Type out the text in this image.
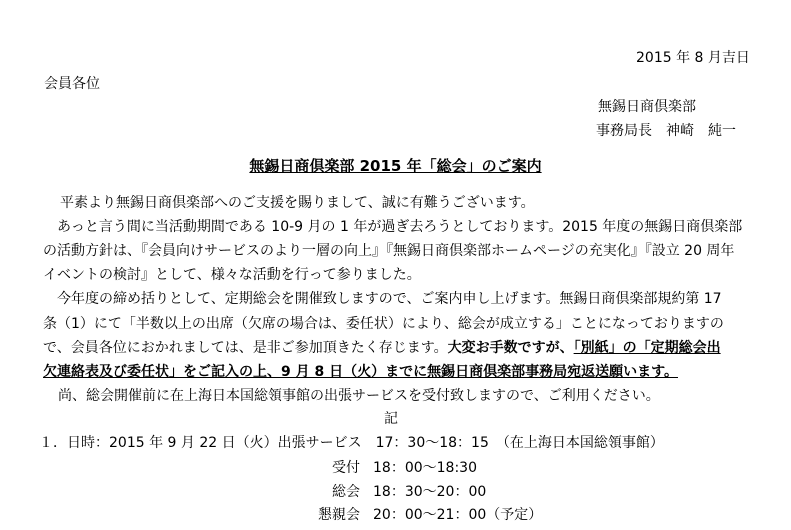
2015 年 8 月吉日
会員各位
無錫日商倶楽部
事務局長　神崎　純一
無錫日商倶楽部 2015 年「総会」のご案内
平素より無錫日商倶楽部へのご支援を賜りまして、誠に有難うございます。
あっと言う間に当活動期間である 10-9 月の 1 年が過ぎ去ろうとしております。2015 年度の無錫日商倶楽部
の活動方針は、『会員向けサービスのより一層の向上』『無錫日商倶楽部ホームページの充実化』『設立 20 周年
イベントの検討』として、様々な活動を行って参りました。
今年度の締め括りとして、定期総会を開催致しますので、ご案内申し上げます。無錫日商倶楽部規約第 17
条（1）にて「半数以上の出席（欠席の場合は、委任状）により、総会が成立する」ことになっておりますの
で、会員各位におかれましては、是非ご参加頂きたく存じます。大変お手数ですが、「別紙」の「定期総会出
欠連絡表及び委任状」をご記入の上、9 月 8 日（火）までに無錫日商倶楽部事務局宛返送願います。
尚、総会開催前に在上海日本国総領事館の出張サービスを受付致しますので、ご利用ください。
記
１．日時：2015 年 9 月 22 日（火）出張サービス　17：30～18：15　（在上海日本国総領事館）
受付 18：00～18:30
総会 18：30～20：00
懇親会 20：00～21：00（予定）
